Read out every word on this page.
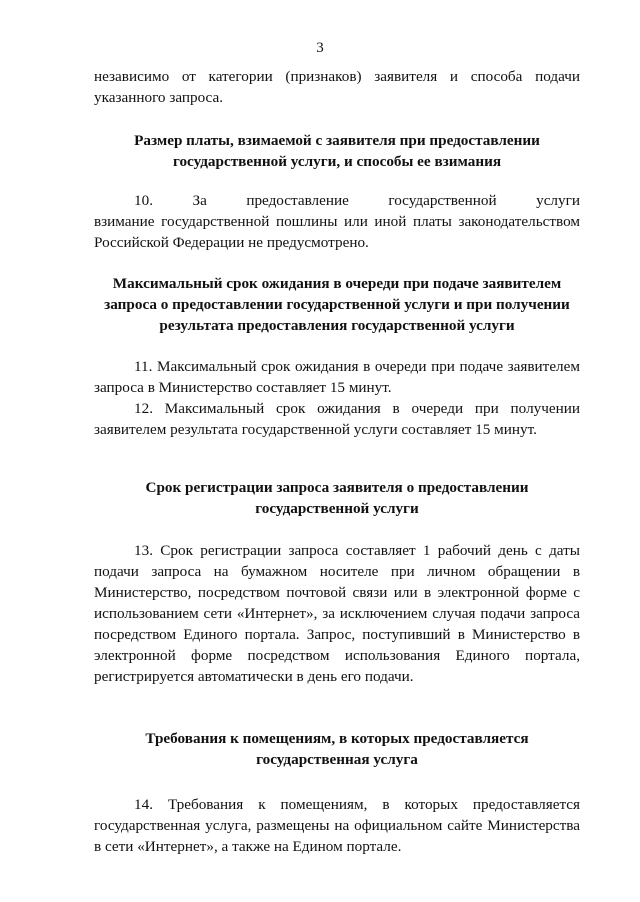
3
независимо от категории (признаков) заявителя и способа подачи
указанного запроса.
Размер платы, взимаемой с заявителя при предоставлении
государственной услуги, и способы ее взимания
10.	За	предоставление	государственной	услуги
взимание государственной пошлины или иной платы законодательством Российской Федерации не предусмотрено.
Максимальный срок ожидания в очереди при подаче заявителем
запроса о предоставлении государственной услуги и при получении
результата предоставления государственной услуги

11. Максимальный срок ожидания в очереди при подаче заявителем запроса в Министерство составляет 15 минут.

12. Максимальный срок ожидания в очереди при получении заявителем результата государственной услуги составляет 15 минут.

Срок регистрации запроса заявителя о предоставлении
государственной услуги

13. Срок регистрации запроса составляет 1 рабочий день с даты подачи запроса на бумажном носителе при личном обращении в Министерство, посредством почтовой связи или в электронной форме с использованием сети «Интернет», за исключением случая подачи запроса посредством Единого портала. Запрос, поступивший в Министерство в электронной форме посредством использования Единого портала, регистрируется автоматически в день его подачи.

Требования к помещениям, в которых предоставляется
государственная услуга

14. Требования к помещениям, в которых предоставляется государственная услуга, размещены на официальном сайте Министерства в сети «Интернет», а также на Едином портале.
